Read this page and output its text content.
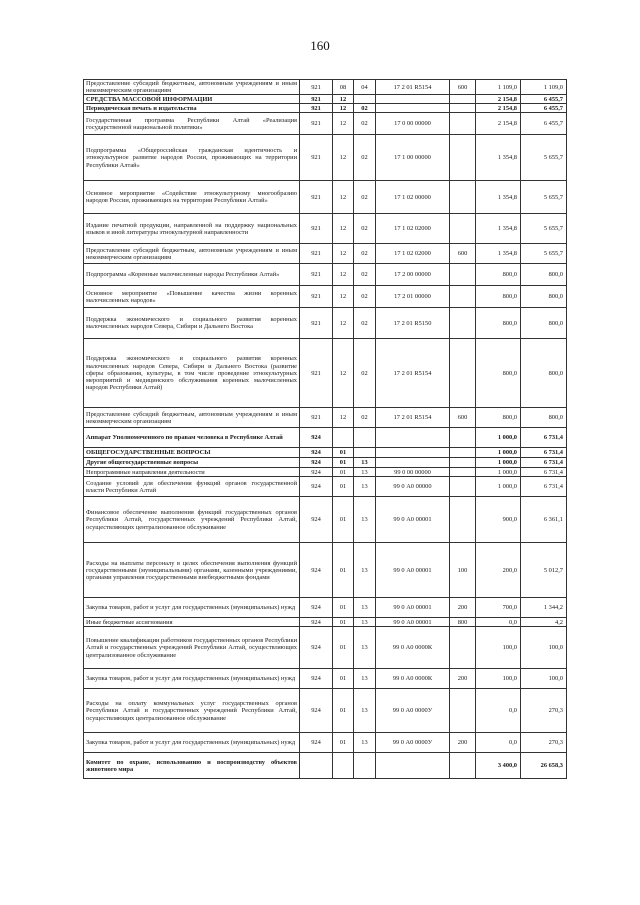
160
Предоставление субсидий бюджетным, автономным учреждениям и иным некоммерческим организациям	921	08	04	17 2 01 R5154	600	1 109,0	1 109,0
СРЕДСТВА МАССОВОЙ ИНФОРМАЦИИ	921	12				2 154,8	6 455,7
Периодическая печать и издательства	921	12	02			2 154,8	6 455,7
Государственная программа Республики Алтай «Реализация государственной национальной политики»	921	12	02	17 0 00 00000		2 154,8	6 455,7
Подпрограмма «Общероссийская гражданская идентичность и этнокультурное развитие народов России, проживающих на территории Республики Алтай»	921	12	02	17 1 00 00000		1 354,8	5 655,7
Основное мероприятие «Содействие этнокультурному многообразию народов России, проживающих на территории Республики Алтай»	921	12	02	17 1 02 00000		1 354,8	5 655,7
Издание печатной продукции, направленной на поддержку национальных языков и иной литературы этнокультурной направленности	921	12	02	17 1 02 02000		1 354,8	5 655,7
Предоставление субсидий бюджетным, автономным учреждениям и иным некоммерческим организациям	921	12	02	17 1 02 02000	600	1 354,8	5 655,7
Подпрограмма «Коренные малочисленные народы Республики Алтай»	921	12	02	17 2 00 00000		800,0	800,0
Основное мероприятие «Повышение качества жизни коренных малочисленных народов»	921	12	02	17 2 01 00000		800,0	800,0
Поддержка экономического и социального развития коренных малочисленных народов Севера, Сибири и Дальнего Востока	921	12	02	17 2 01 R5150		800,0	800,0
Поддержка экономического и социального развития коренных малочисленных народов Севера, Сибири и Дальнего Востока (развитие сферы образования, культуры, в том числе проведение этнокультурных мероприятий и медицинского обслуживания коренных малочисленных народов Республики Алтай)	921	12	02	17 2 01 R5154		800,0	800,0
Предоставление субсидий бюджетным, автономным учреждениям и иным некоммерческим организациям	921	12	02	17 2 01 R5154	600	800,0	800,0
Аппарат Уполномоченного по правам человека в Республике Алтай	924					1 000,0	6 731,4
ОБЩЕГОСУДАРСТВЕННЫЕ ВОПРОСЫ	924	01				1 000,0	6 731,4
Другие общегосударственные вопросы	924	01	13			1 000,0	6 731,4
Непрограммные направления деятельности	924	01	13	99 0 00 00000		1 000,0	6 731,4
Создание условий для обеспечения функций органов государственной власти Республики Алтай	924	01	13	99 0 А0 00000		1 000,0	6 731,4
Финансовое обеспечение выполнения функций государственных органов Республики Алтай, государственных учреждений Республики Алтай, осуществляющих централизованное обслуживание	924	01	13	99 0 А0 00001		900,0	6 361,1
Расходы на выплаты персоналу в целях обеспечения выполнения функций государственными (муниципальными) органами, казенными учреждениями, органами управления государственными внебюджетными фондами	924	01	13	99 0 А0 00001	100	200,0	5 012,7
Закупка товаров, работ и услуг для государственных (муниципальных) нужд	924	01	13	99 0 А0 00001	200	700,0	1 344,2
Иные бюджетные ассигнования	924	01	13	99 0 А0 00001	800	0,0	4,2
Повышение квалификации работников государственных органов Республики Алтай и государственных учреждений Республики Алтай, осуществляющих централизованное обслуживание	924	01	13	99 0 А0 0000К		100,0	100,0
Закупка товаров, работ и услуг для государственных (муниципальных) нужд	924	01	13	99 0 А0 0000К	200	100,0	100,0
Расходы на оплату коммунальных услуг государственных органов Республики Алтай и государственных учреждений Республики Алтай, осуществляющих централизованное обслуживание	924	01	13	99 0 А0 0000У		0,0	270,3
Закупка товаров, работ и услуг для государственных (муниципальных) нужд	924	01	13	99 0 А0 0000У	200	0,0	270,3
Комитет по охране, использованию и воспроизводству объектов животного мира						3 400,0	26 658,3
